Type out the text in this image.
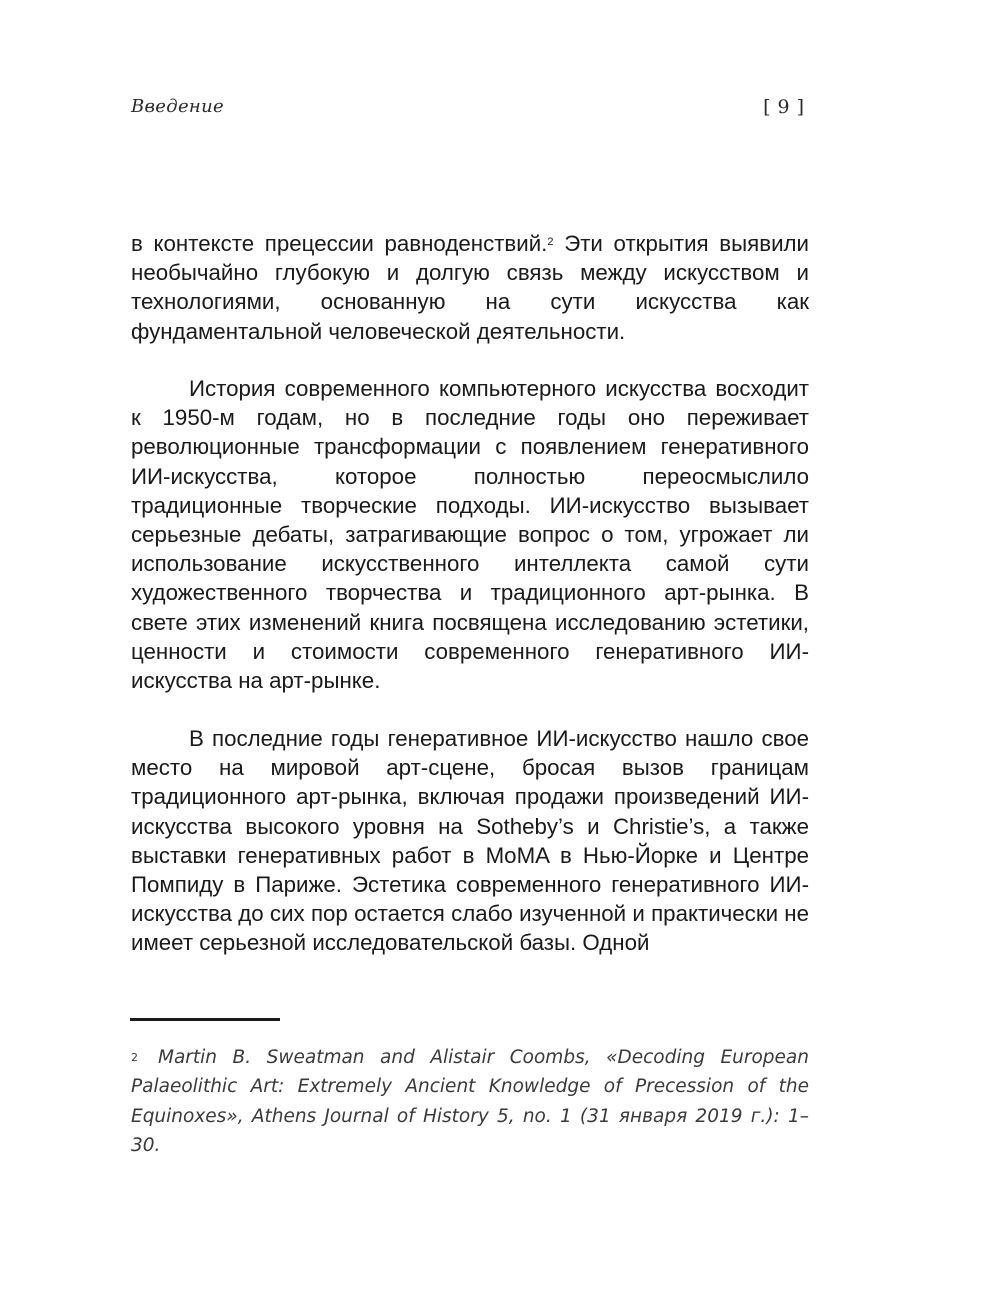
Введение	[ 9 ]

в контексте прецессии равноденствий.$^2$ Эти открытия выявили необычайно глубокую и долгую связь между искусством и технологиями, основанную на сути искусства как фундаментальной человеческой деятельности.

История современного компьютерного искусства восходит к 1950-м годам, но в последние годы оно переживает революционные трансформации с появлением генеративного ИИ-искусства, которое полностью переосмыслило традиционные творческие подходы. ИИ-искусство вызывает серьезные дебаты, затрагивающие вопрос о том, угрожает ли использование искусственного интеллекта самой сути художественного творчества и традиционного арт-рынка. В свете этих изменений книга посвящена исследованию эстетики, ценности и стоимости современного генеративного ИИ-искусства на арт-рынке.

В последние годы генеративное ИИ-искусство нашло свое место на мировой арт-сцене, бросая вызов границам традиционного арт-рынка, включая продажи произведений ИИ-искусства высокого уровня на Sotheby’s и Christie’s, а также выставки генеративных работ в MoMA в Нью-Йорке и Центре Помпиду в Париже. Эстетика современного генеративного ИИ-искусства до сих пор остается слабо изученной и практически не имеет серьезной исследовательской базы. Одной

$^2$ Martin B. Sweatman and Alistair Coombs, «Decoding European Palaeolithic Art: Extremely Ancient Knowledge of Precession of the Equinoxes», Athens Journal of History 5, no. 1 (31 января 2019 г.): 1–30.
